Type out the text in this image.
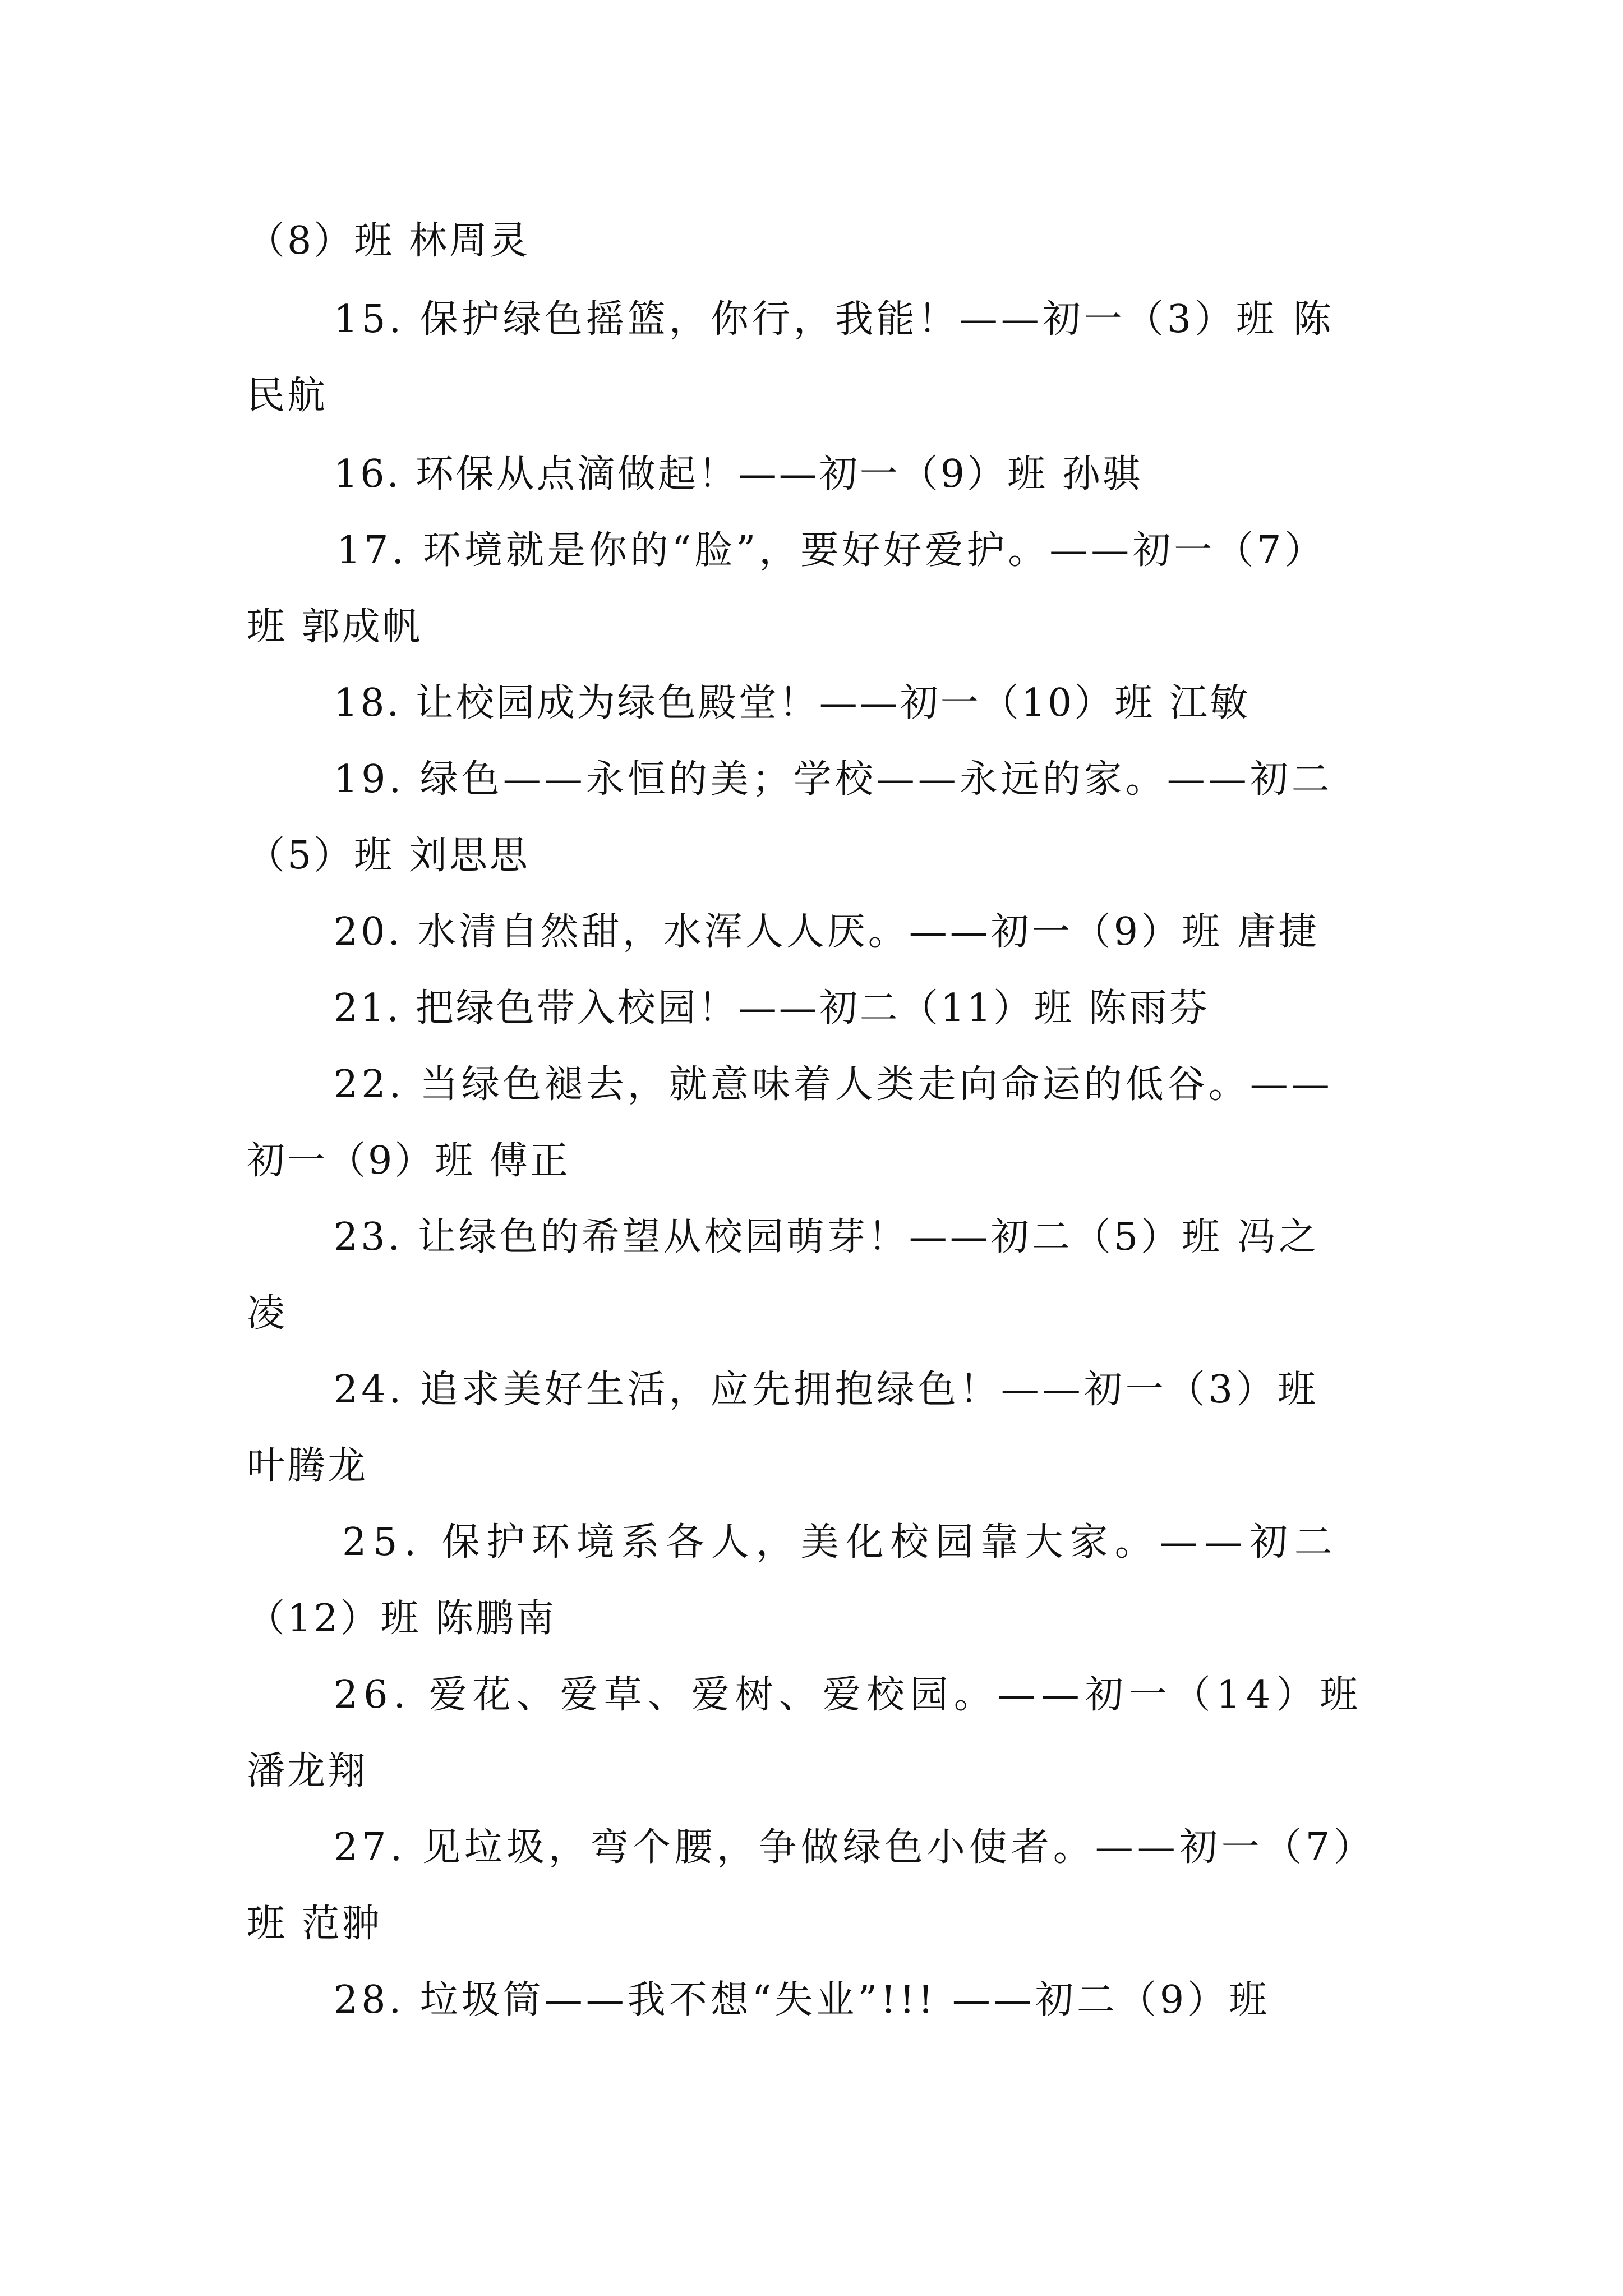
（8）班 林周灵
15. 保护绿色摇篮，你行，我能！——初一（3）班 陈
民航
16. 环保从点滴做起！——初一（9）班 孙骐
17. 环境就是你的“脸”，要好好爱护。——初一（7）
班 郭成帆
18. 让校园成为绿色殿堂！——初一（10）班 江敏
19. 绿色——永恒的美；学校——永远的家。——初二
（5）班 刘思思
20. 水清自然甜，水浑人人厌。——初一（9）班 唐捷
21. 把绿色带入校园！——初二（11）班 陈雨芬
22. 当绿色褪去，就意味着人类走向命运的低谷。——
初一（9）班 傅正
23. 让绿色的希望从校园萌芽！——初二（5）班 冯之
凌
24. 追求美好生活，应先拥抱绿色！——初一（3）班
叶腾龙
25. 保护环境系各人，美化校园靠大家。——初二
（12）班 陈鹏南
26. 爱花、爱草、爱树、爱校园。——初一（14）班
潘龙翔
27. 见垃圾，弯个腰，争做绿色小使者。——初一（7）
班 范翀
28. 垃圾筒——我不想“失业”!!! ——初二（9）班
